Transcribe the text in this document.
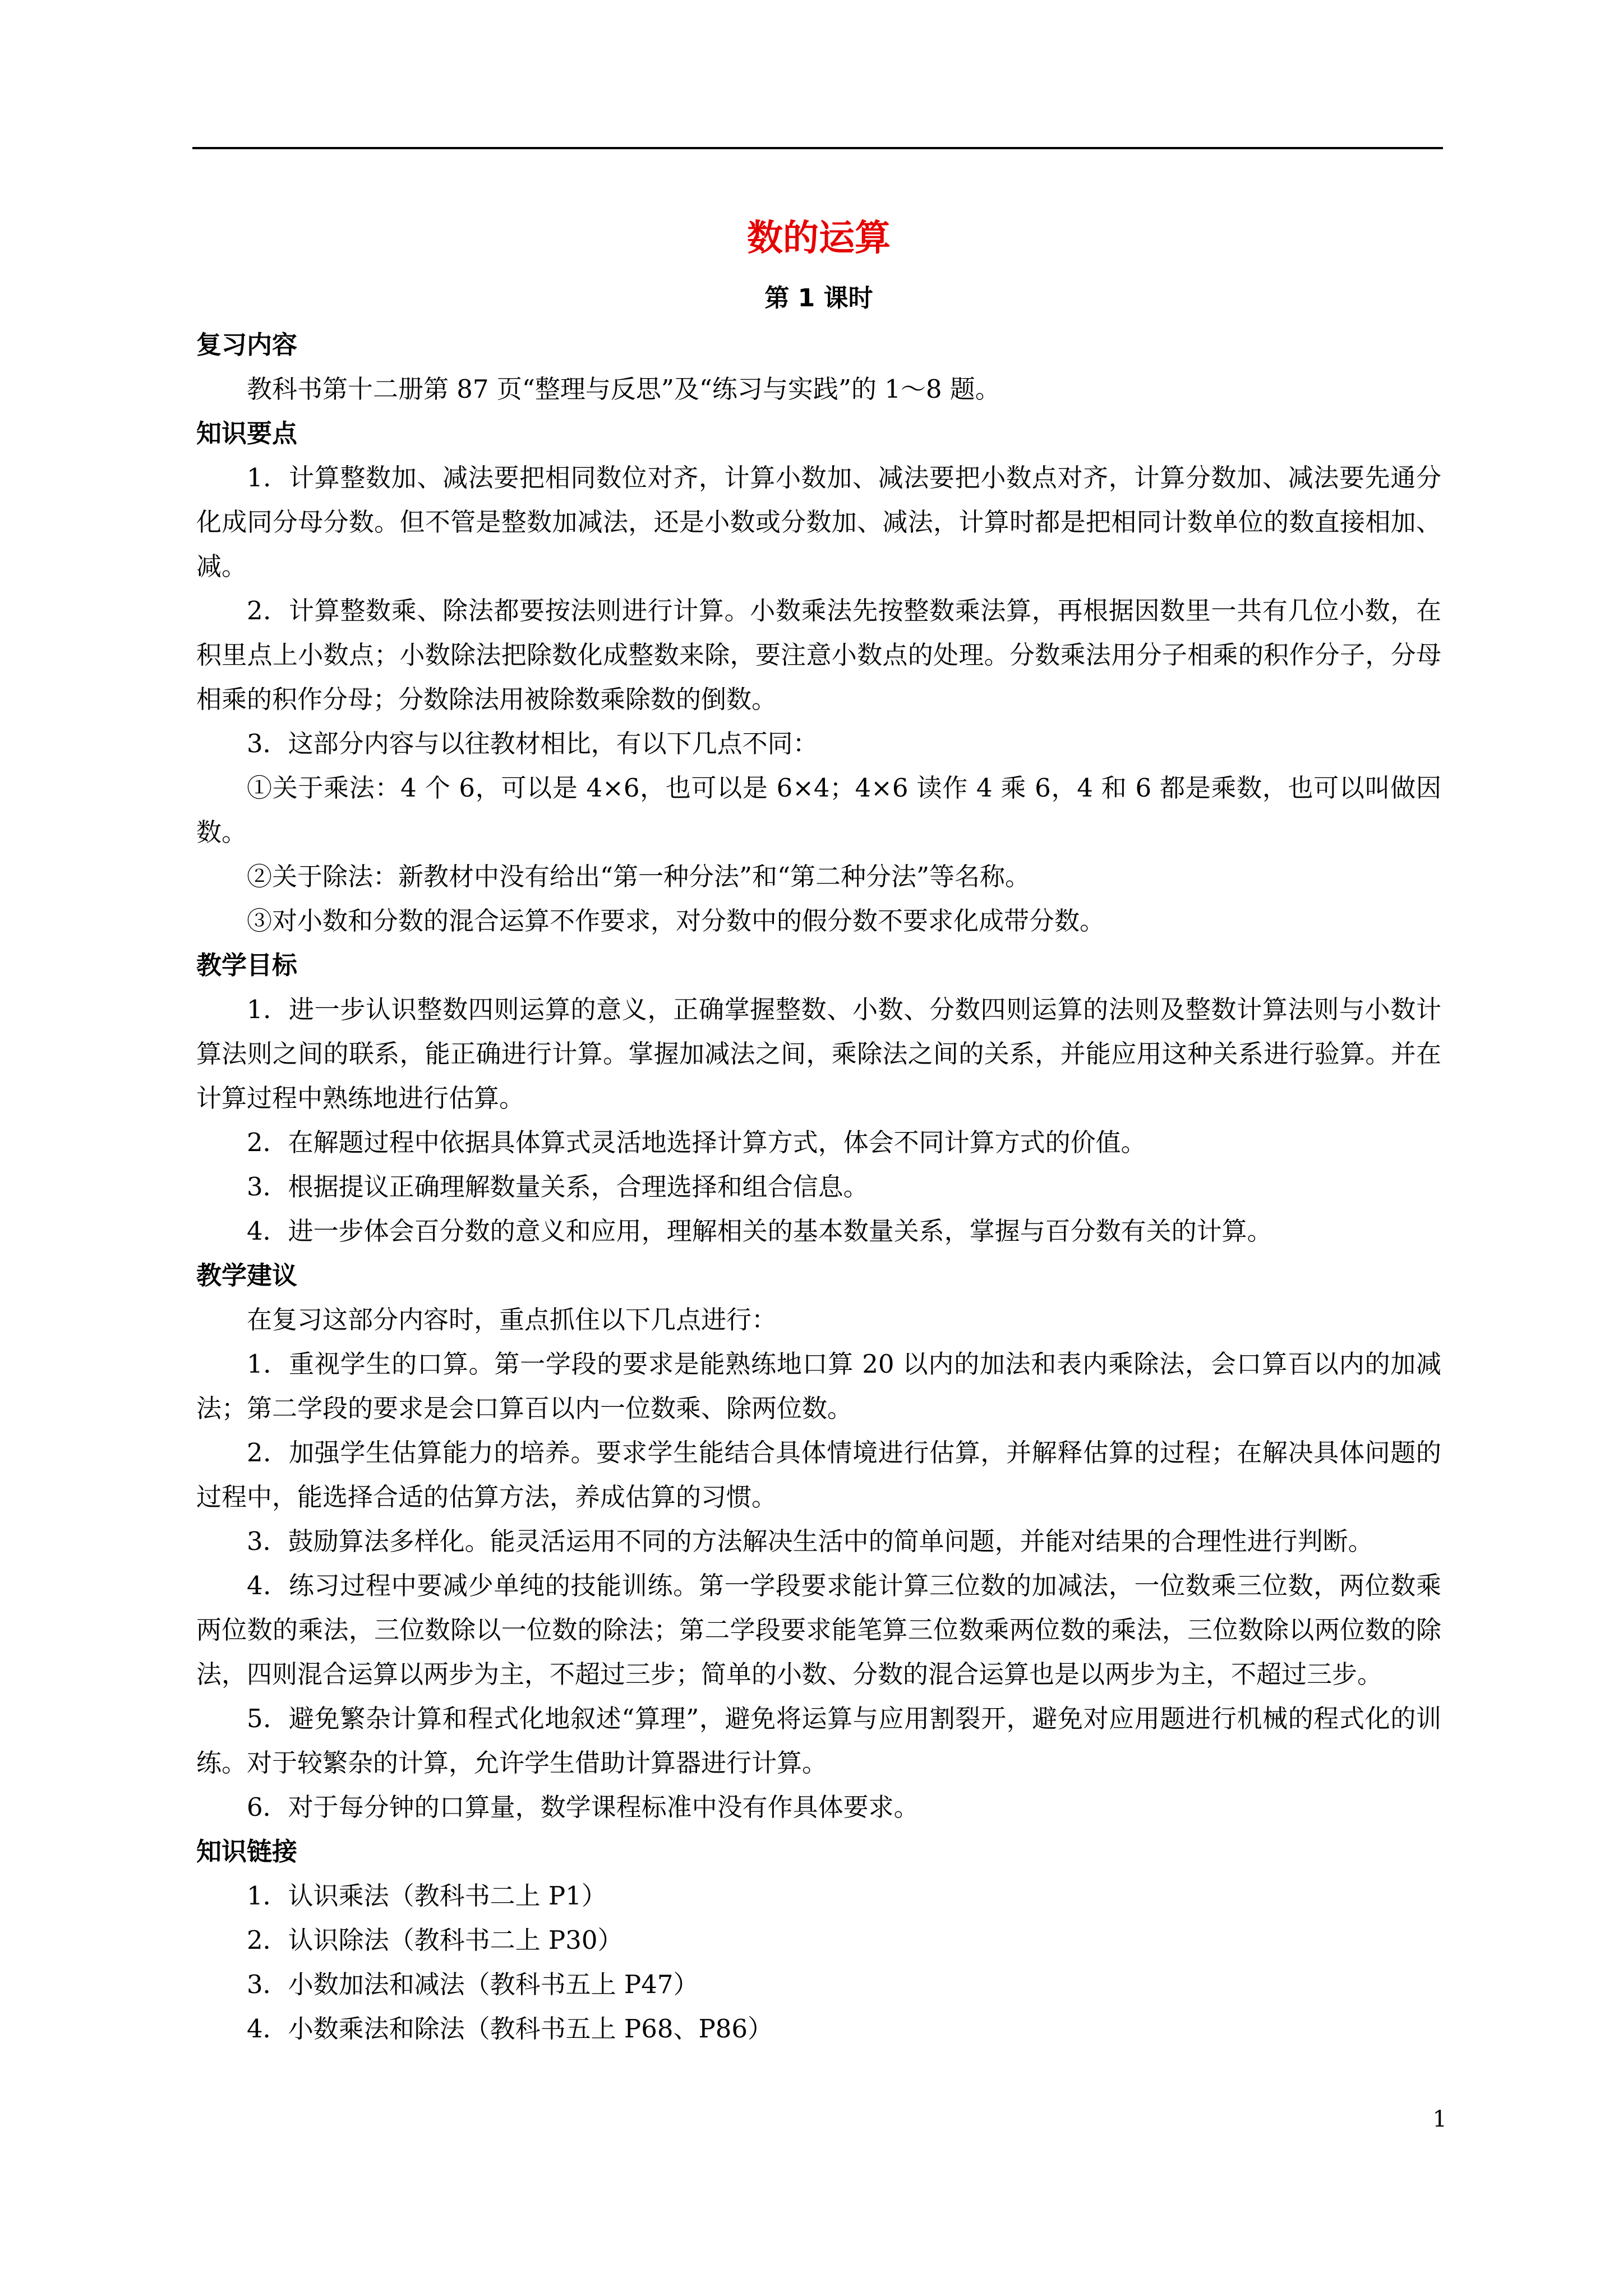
数的运算
第 1 课时
复习内容

教科书第十二册第 87 页“整理与反思”及“练习与实践”的 1～8 题。

知识要点

1．计算整数加、减法要把相同数位对齐，计算小数加、减法要把小数点对齐，计算分数加、减法要先通分化成同分母分数。但不管是整数加减法，还是小数或分数加、减法，计算时都是把相同计数单位的数直接相加、减。

2．计算整数乘、除法都要按法则进行计算。小数乘法先按整数乘法算，再根据因数里一共有几位小数，在积里点上小数点；小数除法把除数化成整数来除，要注意小数点的处理。分数乘法用分子相乘的积作分子，分母相乘的积作分母；分数除法用被除数乘除数的倒数。

3．这部分内容与以往教材相比，有以下几点不同：

①关于乘法：4 个 6，可以是 4×6，也可以是 6×4；4×6 读作 4 乘 6，4 和 6 都是乘数，也可以叫做因数。

②关于除法：新教材中没有给出“第一种分法”和“第二种分法”等名称。

③对小数和分数的混合运算不作要求，对分数中的假分数不要求化成带分数。

教学目标

1．进一步认识整数四则运算的意义，正确掌握整数、小数、分数四则运算的法则及整数计算法则与小数计算法则之间的联系，能正确进行计算。掌握加减法之间，乘除法之间的关系，并能应用这种关系进行验算。并在计算过程中熟练地进行估算。

2．在解题过程中依据具体算式灵活地选择计算方式，体会不同计算方式的价值。

3．根据提议正确理解数量关系，合理选择和组合信息。

4．进一步体会百分数的意义和应用，理解相关的基本数量关系，掌握与百分数有关的计算。

教学建议

在复习这部分内容时，重点抓住以下几点进行：

1．重视学生的口算。第一学段的要求是能熟练地口算 20 以内的加法和表内乘除法，会口算百以内的加减法；第二学段的要求是会口算百以内一位数乘、除两位数。

2．加强学生估算能力的培养。要求学生能结合具体情境进行估算，并解释估算的过程；在解决具体问题的过程中，能选择合适的估算方法，养成估算的习惯。

3．鼓励算法多样化。能灵活运用不同的方法解决生活中的简单问题，并能对结果的合理性进行判断。

4．练习过程中要减少单纯的技能训练。第一学段要求能计算三位数的加减法，一位数乘三位数，两位数乘两位数的乘法，三位数除以一位数的除法；第二学段要求能笔算三位数乘两位数的乘法，三位数除以两位数的除法，四则混合运算以两步为主，不超过三步；简单的小数、分数的混合运算也是以两步为主，不超过三步。

5．避免繁杂计算和程式化地叙述“算理”，避免将运算与应用割裂开，避免对应用题进行机械的程式化的训练。对于较繁杂的计算，允许学生借助计算器进行计算。

6．对于每分钟的口算量，数学课程标准中没有作具体要求。

知识链接

1．认识乘法（教科书二上 P1）

2．认识除法（教科书二上 P30）

3．小数加法和减法（教科书五上 P47）

4．小数乘法和除法（教科书五上 P68、P86）

1
